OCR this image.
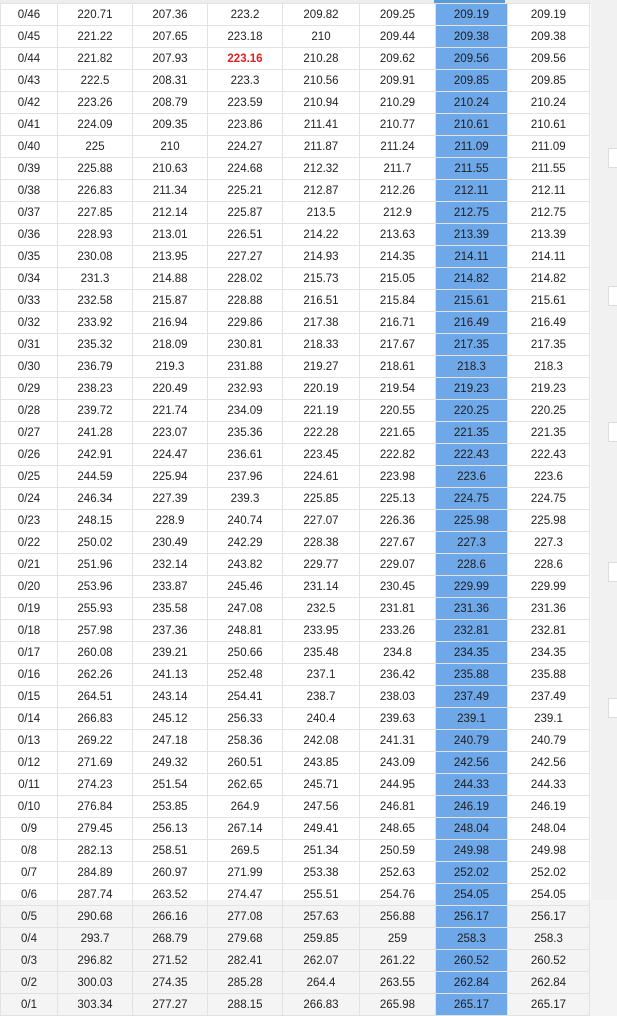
0/46	220.71	207.36	223.2	209.82	209.25	209.19	209.19
0/45	221.22	207.65	223.18	210	209.44	209.38	209.38
0/44	221.82	207.93	223.16	210.28	209.62	209.56	209.56
0/43	222.5	208.31	223.3	210.56	209.91	209.85	209.85
0/42	223.26	208.79	223.59	210.94	210.29	210.24	210.24
0/41	224.09	209.35	223.86	211.41	210.77	210.61	210.61
0/40	225	210	224.27	211.87	211.24	211.09	211.09
0/39	225.88	210.63	224.68	212.32	211.7	211.55	211.55
0/38	226.83	211.34	225.21	212.87	212.26	212.11	212.11
0/37	227.85	212.14	225.87	213.5	212.9	212.75	212.75
0/36	228.93	213.01	226.51	214.22	213.63	213.39	213.39
0/35	230.08	213.95	227.27	214.93	214.35	214.11	214.11
0/34	231.3	214.88	228.02	215.73	215.05	214.82	214.82
0/33	232.58	215.87	228.88	216.51	215.84	215.61	215.61
0/32	233.92	216.94	229.86	217.38	216.71	216.49	216.49
0/31	235.32	218.09	230.81	218.33	217.67	217.35	217.35
0/30	236.79	219.3	231.88	219.27	218.61	218.3	218.3
0/29	238.23	220.49	232.93	220.19	219.54	219.23	219.23
0/28	239.72	221.74	234.09	221.19	220.55	220.25	220.25
0/27	241.28	223.07	235.36	222.28	221.65	221.35	221.35
0/26	242.91	224.47	236.61	223.45	222.82	222.43	222.43
0/25	244.59	225.94	237.96	224.61	223.98	223.6	223.6
0/24	246.34	227.39	239.3	225.85	225.13	224.75	224.75
0/23	248.15	228.9	240.74	227.07	226.36	225.98	225.98
0/22	250.02	230.49	242.29	228.38	227.67	227.3	227.3
0/21	251.96	232.14	243.82	229.77	229.07	228.6	228.6
0/20	253.96	233.87	245.46	231.14	230.45	229.99	229.99
0/19	255.93	235.58	247.08	232.5	231.81	231.36	231.36
0/18	257.98	237.36	248.81	233.95	233.26	232.81	232.81
0/17	260.08	239.21	250.66	235.48	234.8	234.35	234.35
0/16	262.26	241.13	252.48	237.1	236.42	235.88	235.88
0/15	264.51	243.14	254.41	238.7	238.03	237.49	237.49
0/14	266.83	245.12	256.33	240.4	239.63	239.1	239.1
0/13	269.22	247.18	258.36	242.08	241.31	240.79	240.79
0/12	271.69	249.32	260.51	243.85	243.09	242.56	242.56
0/11	274.23	251.54	262.65	245.71	244.95	244.33	244.33
0/10	276.84	253.85	264.9	247.56	246.81	246.19	246.19
0/9	279.45	256.13	267.14	249.41	248.65	248.04	248.04
0/8	282.13	258.51	269.5	251.34	250.59	249.98	249.98
0/7	284.89	260.97	271.99	253.38	252.63	252.02	252.02
0/6	287.74	263.52	274.47	255.51	254.76	254.05	254.05
0/5	290.68	266.16	277.08	257.63	256.88	256.17	256.17
0/4	293.7	268.79	279.68	259.85	259	258.3	258.3
0/3	296.82	271.52	282.41	262.07	261.22	260.52	260.52
0/2	300.03	274.35	285.28	264.4	263.55	262.84	262.84
0/1	303.34	277.27	288.15	266.83	265.98	265.17	265.17
